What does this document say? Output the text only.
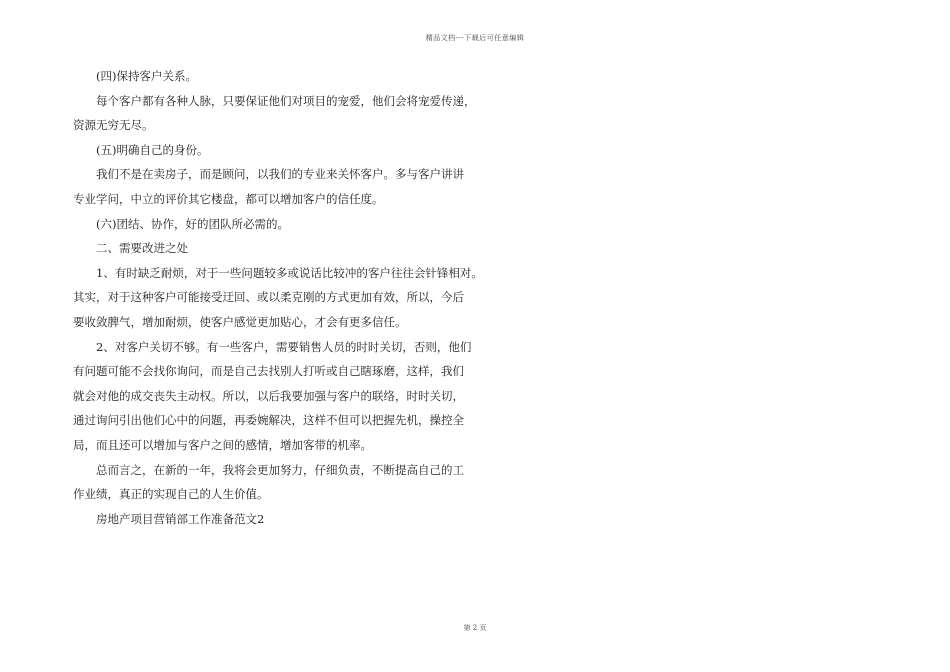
精品文档---下载后可任意编辑

(四)保持客户关系。

每个客户都有各种人脉，只要保证他们对项目的宠爱，他们会将宠爱传递，

资源无穷无尽。

(五)明确自己的身份。

我们不是在卖房子，而是顾问，以我们的专业来关怀客户。多与客户讲讲

专业学问，中立的评价其它楼盘，都可以增加客户的信任度。

(六)团结、协作，好的团队所必需的。

二、需要改进之处

1、有时缺乏耐烦，对于一些问题较多或说话比较冲的客户往往会针锋相对。

其实，对于这种客户可能接受迂回、或以柔克刚的方式更加有效，所以，今后

要收敛脾气，增加耐烦，使客户感觉更加贴心，才会有更多信任。

2、对客户关切不够。有一些客户，需要销售人员的时时关切，否则，他们

有问题可能不会找你询问，而是自己去找别人打听或自己瞎琢磨，这样，我们

就会对他的成交丧失主动权。所以，以后我要加强与客户的联络，时时关切，

通过询问引出他们心中的问题，再委婉解决，这样不但可以把握先机，操控全

局，而且还可以增加与客户之间的感情，增加客带的机率。

总而言之，在新的一年，我将会更加努力，仔细负责，不断提高自己的工

作业绩，真正的实现自己的人生价值。

房地产项目营销部工作准备范文2

第 2 页
